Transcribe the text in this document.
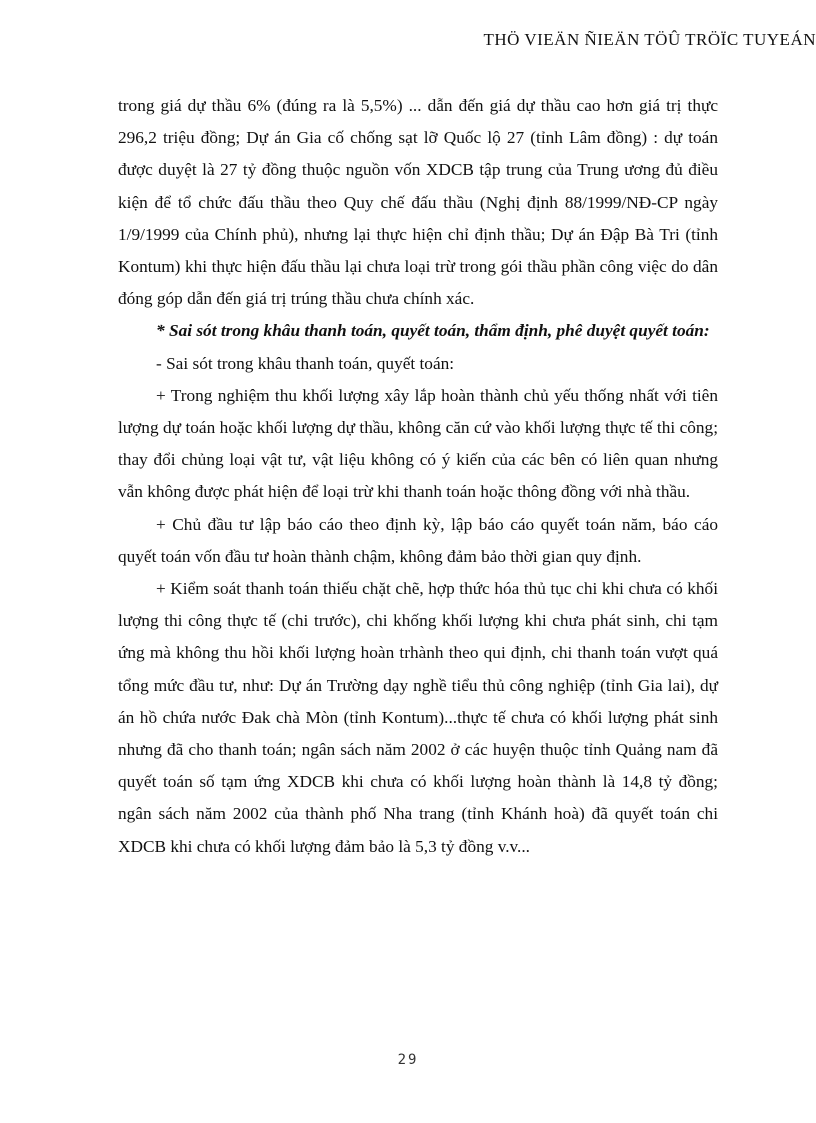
THÖ VIEÄN ÑIEÄN TÖÛ TRÖÏC TUYEÁN

trong giá dự thầu 6% (đúng ra là 5,5%) ... dẫn đến giá dự thầu cao hơn giá trị thực 296,2 triệu đồng; Dự án Gia cố chống sạt lỡ Quốc lộ 27 (tỉnh Lâm đồng) : dự toán được duyệt là 27 tỷ đồng thuộc nguồn vốn XDCB tập trung của Trung ương đủ điều kiện để tổ chức đấu thầu theo Quy chế đấu thầu (Nghị định 88/1999/NĐ-CP ngày 1/9/1999 của Chính phủ), nhưng lại thực hiện chỉ định thầu; Dự án Đập Bà Tri (tỉnh Kontum) khi thực hiện đấu thầu lại chưa loại trừ trong gói thầu phần công việc do dân đóng góp dẫn đến giá trị trúng thầu chưa chính xác.

* Sai sót trong khâu thanh toán, quyết toán, thẩm định, phê duyệt quyết toán:

- Sai sót trong khâu thanh toán, quyết toán:

+ Trong nghiệm thu khối lượng xây lắp hoàn thành chủ yếu thống nhất với tiên lượng dự toán hoặc khối lượng dự thầu, không căn cứ vào khối lượng thực tế thi công; thay đổi chủng loại vật tư, vật liệu không có ý kiến của các bên có liên quan nhưng vẫn không được phát hiện để loại trừ khi thanh toán hoặc thông đồng với nhà thầu.

+ Chủ đầu tư lập báo cáo theo định kỳ, lập báo cáo quyết toán năm, báo cáo quyết toán vốn đầu tư hoàn thành chậm, không đảm bảo thời gian quy định.

+ Kiểm soát thanh toán thiếu chặt chẽ, hợp thức hóa thủ tục chi khi chưa có khối lượng thi công thực tế (chi trước), chi khống khối lượng khi chưa phát sinh, chi tạm ứng mà không thu hồi khối lượng hoàn trhành theo qui định, chi thanh toán vượt quá tổng mức đầu tư, như: Dự án Trường dạy nghề tiểu thủ công nghiệp (tỉnh Gia lai), dự án hồ chứa nước Đak chà Mòn (tỉnh Kontum)...thực tế chưa có khối lượng phát sinh nhưng đã cho thanh toán; ngân sách năm 2002 ở các huyện thuộc tỉnh Quảng nam đã quyết toán số tạm ứng XDCB khi chưa có khối lượng hoàn thành là 14,8 tỷ đồng; ngân sách năm 2002 của thành phố Nha trang (tỉnh Khánh hoà) đã quyết toán chi XDCB khi chưa có khối lượng đảm bảo là 5,3 tỷ đồng v.v...

29
